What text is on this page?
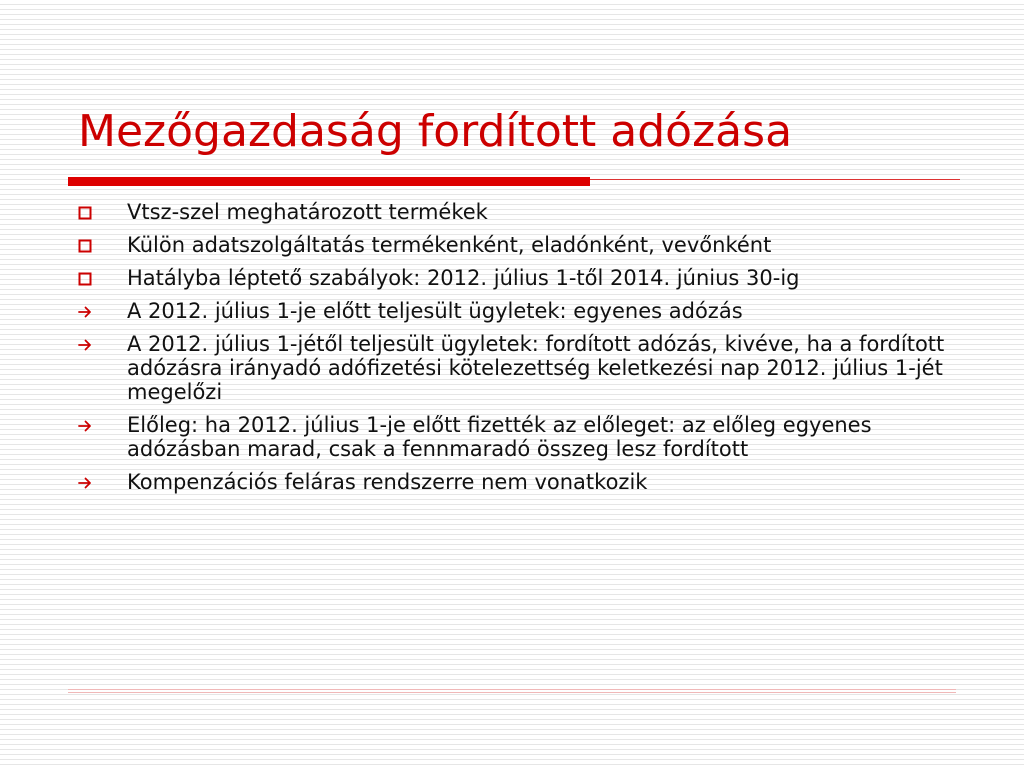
Mezőgazdaság fordított adózása
Vtsz-szel meghatározott termékek
Külön adatszolgáltatás termékenként, eladónként, vevőnként
Hatályba léptető szabályok: 2012. július 1-től 2014. június 30-ig
A 2012. július 1-je előtt teljesült ügyletek: egyenes adózás
A 2012. július 1-jétől teljesült ügyletek: fordított adózás, kivéve, ha a fordított adózásra irányadó adófizetési kötelezettség keletkezési nap 2012. július 1-jét megelőzi
Előleg: ha 2012. július 1-je előtt fizették az előleget: az előleg egyenes adózásban marad, csak a fennmaradó összeg lesz fordított
Kompenzációs feláras rendszerre nem vonatkozik
